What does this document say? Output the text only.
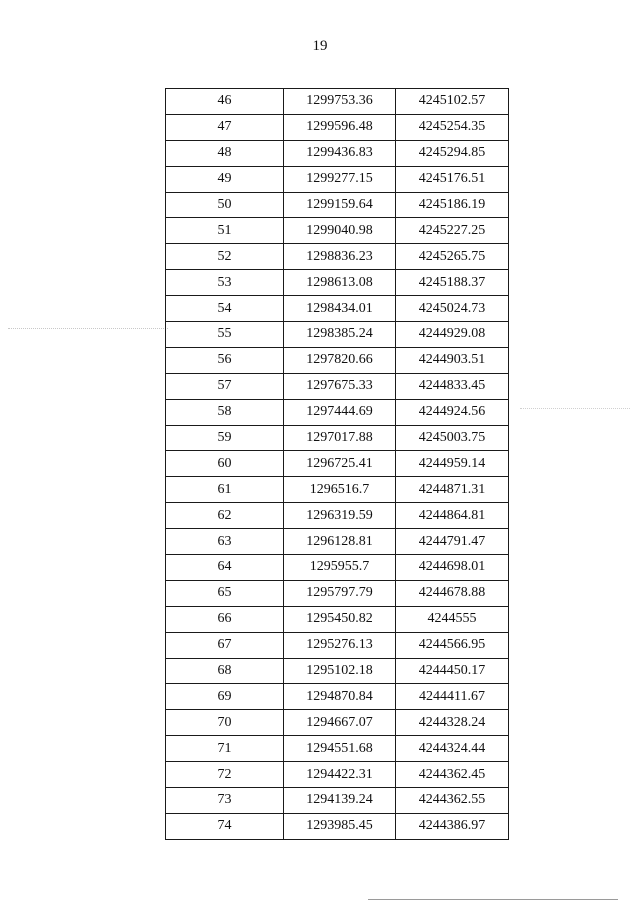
19
46	1299753.36	4245102.57
47	1299596.48	4245254.35
48	1299436.83	4245294.85
49	1299277.15	4245176.51
50	1299159.64	4245186.19
51	1299040.98	4245227.25
52	1298836.23	4245265.75
53	1298613.08	4245188.37
54	1298434.01	4245024.73
55	1298385.24	4244929.08
56	1297820.66	4244903.51
57	1297675.33	4244833.45
58	1297444.69	4244924.56
59	1297017.88	4245003.75
60	1296725.41	4244959.14
61	1296516.7	4244871.31
62	1296319.59	4244864.81
63	1296128.81	4244791.47
64	1295955.7	4244698.01
65	1295797.79	4244678.88
66	1295450.82	4244555
67	1295276.13	4244566.95
68	1295102.18	4244450.17
69	1294870.84	4244411.67
70	1294667.07	4244328.24
71	1294551.68	4244324.44
72	1294422.31	4244362.45
73	1294139.24	4244362.55
74	1293985.45	4244386.97
